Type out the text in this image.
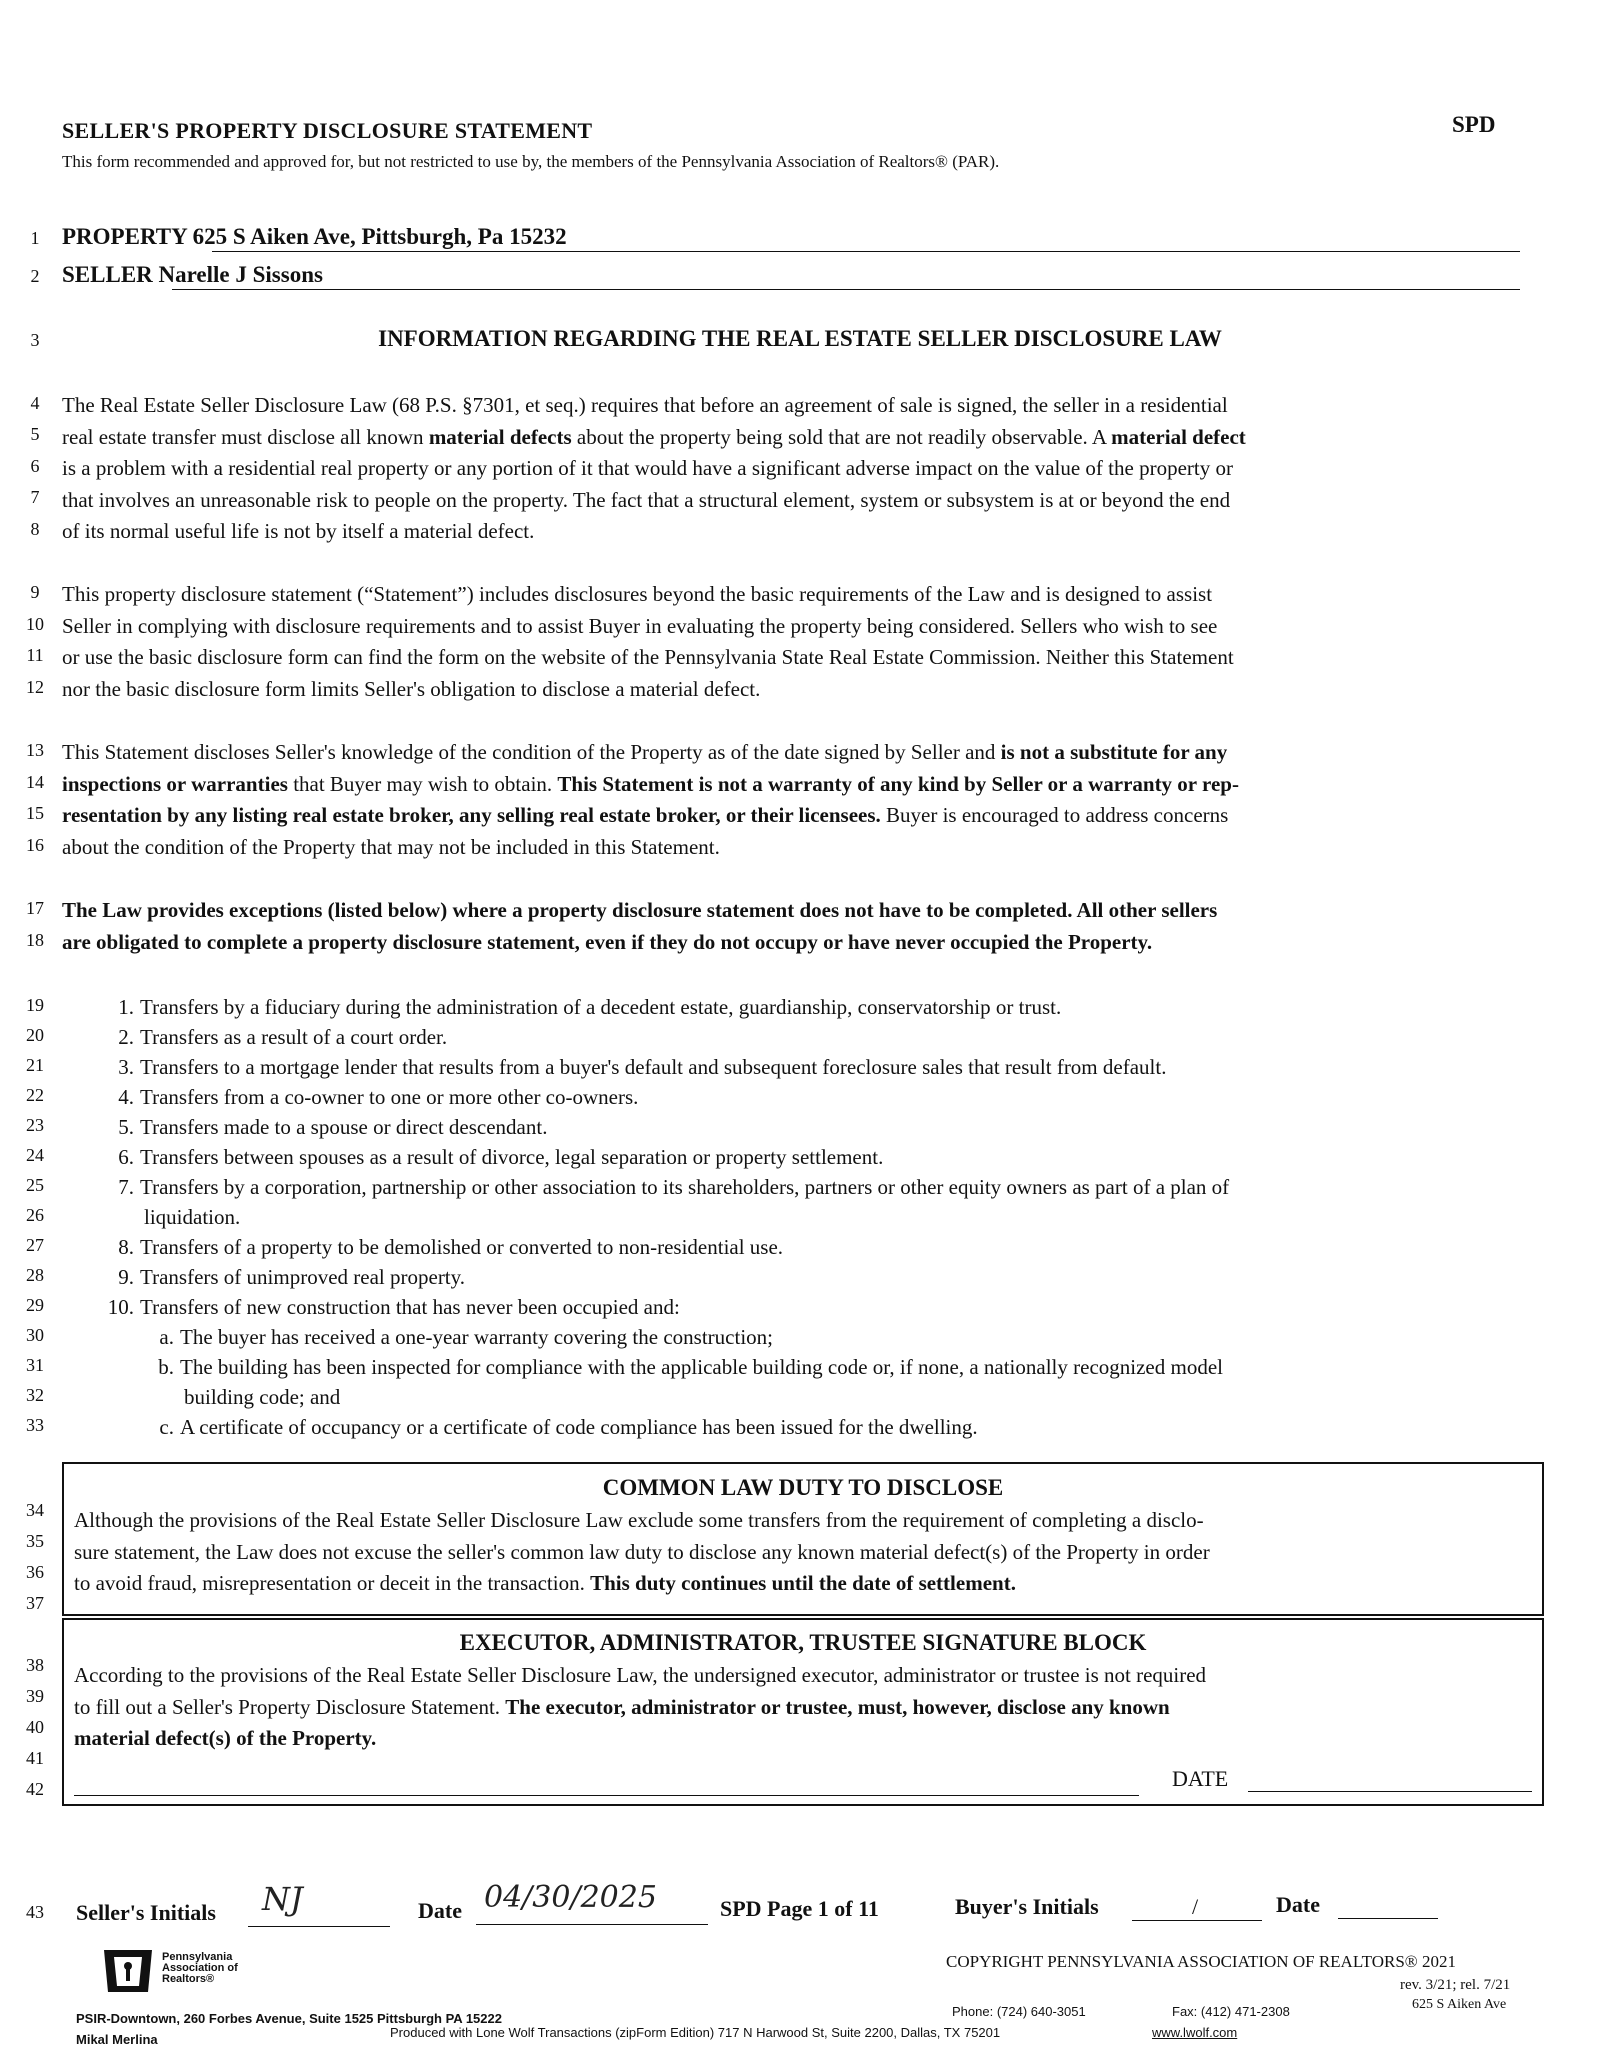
SELLER'S PROPERTY DISCLOSURE STATEMENT	SPD
This form recommended and approved for, but not restricted to use by, the members of the Pennsylvania Association of Realtors® (PAR).
1
2
3
4
5
6
7
8
9
10
11
12
13
14
15
16
17
18
19
20
21
22
23
24
25
26
27
28
29
30
31
32
33
34
35
36
37
38
39
40
41
42
43
PROPERTY 625 S Aiken Ave, Pittsburgh, Pa 15232
SELLER Narelle J Sissons
INFORMATION REGARDING THE REAL ESTATE SELLER DISCLOSURE LAW
The Real Estate Seller Disclosure Law (68 P.S. §7301, et seq.) requires that before an agreement of sale is signed, the seller in a residential
real estate transfer must disclose all known material defects about the property being sold that are not readily observable. A material defect
is a problem with a residential real property or any portion of it that would have a significant adverse impact on the value of the property or
that involves an unreasonable risk to people on the property. The fact that a structural element, system or subsystem is at or beyond the end
of its normal useful life is not by itself a material defect.
This property disclosure statement (“Statement”) includes disclosures beyond the basic requirements of the Law and is designed to assist
Seller in complying with disclosure requirements and to assist Buyer in evaluating the property being considered. Sellers who wish to see
or use the basic disclosure form can find the form on the website of the Pennsylvania State Real Estate Commission. Neither this Statement
nor the basic disclosure form limits Seller's obligation to disclose a material defect.
This Statement discloses Seller's knowledge of the condition of the Property as of the date signed by Seller and is not a substitute for any
inspections or warranties that Buyer may wish to obtain. This Statement is not a warranty of any kind by Seller or a warranty or rep-
resentation by any listing real estate broker, any selling real estate broker, or their licensees. Buyer is encouraged to address concerns
about the condition of the Property that may not be included in this Statement.
The Law provides exceptions (listed below) where a property disclosure statement does not have to be completed. All other sellers
are obligated to complete a property disclosure statement, even if they do not occupy or have never occupied the Property.
1. Transfers by a fiduciary during the administration of a decedent estate, guardianship, conservatorship or trust.
2. Transfers as a result of a court order.
3. Transfers to a mortgage lender that results from a buyer's default and subsequent foreclosure sales that result from default.
4. Transfers from a co-owner to one or more other co-owners.
5. Transfers made to a spouse or direct descendant.
6. Transfers between spouses as a result of divorce, legal separation or property settlement.
7. Transfers by a corporation, partnership or other association to its shareholders, partners or other equity owners as part of a plan of
liquidation.
8. Transfers of a property to be demolished or converted to non-residential use.
9. Transfers of unimproved real property.
10. Transfers of new construction that has never been occupied and:
a. The buyer has received a one-year warranty covering the construction;
b. The building has been inspected for compliance with the applicable building code or, if none, a nationally recognized model
building code; and
c. A certificate of occupancy or a certificate of code compliance has been issued for the dwelling.
COMMON LAW DUTY TO DISCLOSE
Although the provisions of the Real Estate Seller Disclosure Law exclude some transfers from the requirement of completing a disclo-
sure statement, the Law does not excuse the seller's common law duty to disclose any known material defect(s) of the Property in order
to avoid fraud, misrepresentation or deceit in the transaction. This duty continues until the date of settlement.
EXECUTOR, ADMINISTRATOR, TRUSTEE SIGNATURE BLOCK
According to the provisions of the Real Estate Seller Disclosure Law, the undersigned executor, administrator or trustee is not required
to fill out a Seller's Property Disclosure Statement. The executor, administrator or trustee, must, however, disclose any known
material defect(s) of the Property.
DATE
Seller's Initials NJ	Date 04/30/2025	SPD Page 1 of 11	Buyer's Initials	/	Date
Pennsylvania
Association of
Realtors®
COPYRIGHT PENNSYLVANIA ASSOCIATION OF REALTORS® 2021
rev. 3/21; rel. 7/21
625 S Aiken Ave
PSIR-Downtown, 260 Forbes Avenue, Suite 1525 Pittsburgh PA 15222
Mikal Merlina
Phone: (724) 640-3051	Fax: (412) 471-2308
Produced with Lone Wolf Transactions (zipForm Edition) 717 N Harwood St, Suite 2200, Dallas, TX 75201	www.lwolf.com
